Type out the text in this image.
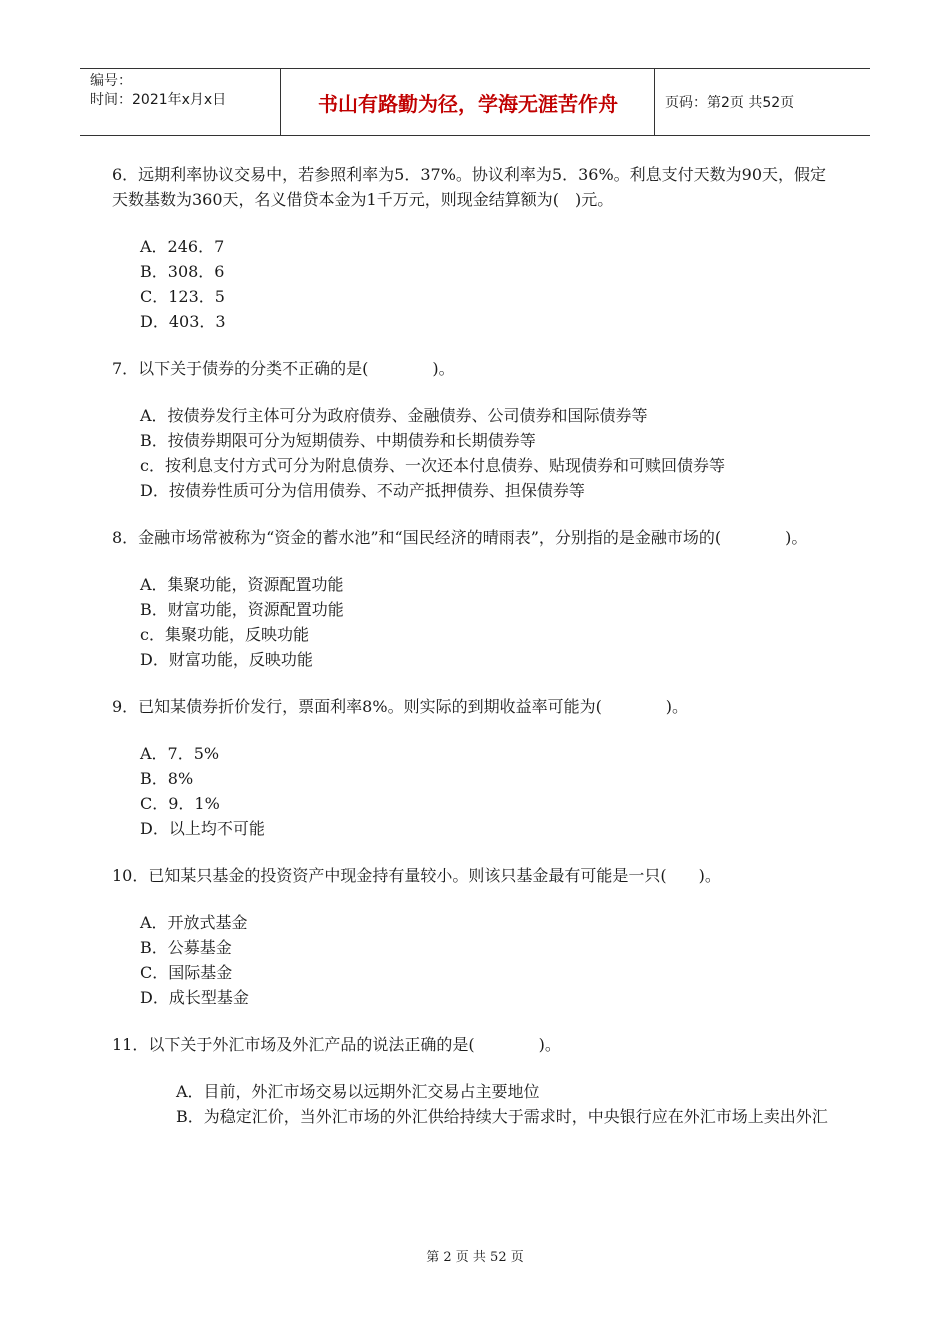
编号：
时间：2021年x月x日	书山有路勤为径，学海无涯苦作舟	页码：第2页 共52页

6．远期利率协议交易中，若参照利率为5．37%。协议利率为5．36%。利息支付天数为90天，假定天数基数为360天，名义借贷本金为1千万元，则现金结算额为(　)元。

A．246．7

B．308．6

C．123．5

D．403．3

7．以下关于债券的分类不正确的是(　　　　)。

A．按债券发行主体可分为政府债券、金融债券、公司债券和国际债券等

B．按债券期限可分为短期债券、中期债券和长期债券等

c．按利息支付方式可分为附息债券、一次还本付息债券、贴现债券和可赎回债券等

D．按债券性质可分为信用债券、不动产抵押债券、担保债券等

8．金融市场常被称为“资金的蓄水池”和“国民经济的晴雨表”，分别指的是金融市场的(　　　　)。

A．集聚功能，资源配置功能

B．财富功能，资源配置功能

c．集聚功能，反映功能

D．财富功能，反映功能

9．已知某债券折价发行，票面利率8%。则实际的到期收益率可能为(　　　　)。

A．7．5%

B．8%

C．9．1%

D．以上均不可能

10．已知某只基金的投资资产中现金持有量较小。则该只基金最有可能是一只(　　)。

A．开放式基金

B．公募基金

C．国际基金

D．成长型基金

11．以下关于外汇市场及外汇产品的说法正确的是(　　　　)。

A．目前，外汇市场交易以远期外汇交易占主要地位

B．为稳定汇价，当外汇市场的外汇供给持续大于需求时，中央银行应在外汇市场上卖出外汇

第 2 页 共 52 页
